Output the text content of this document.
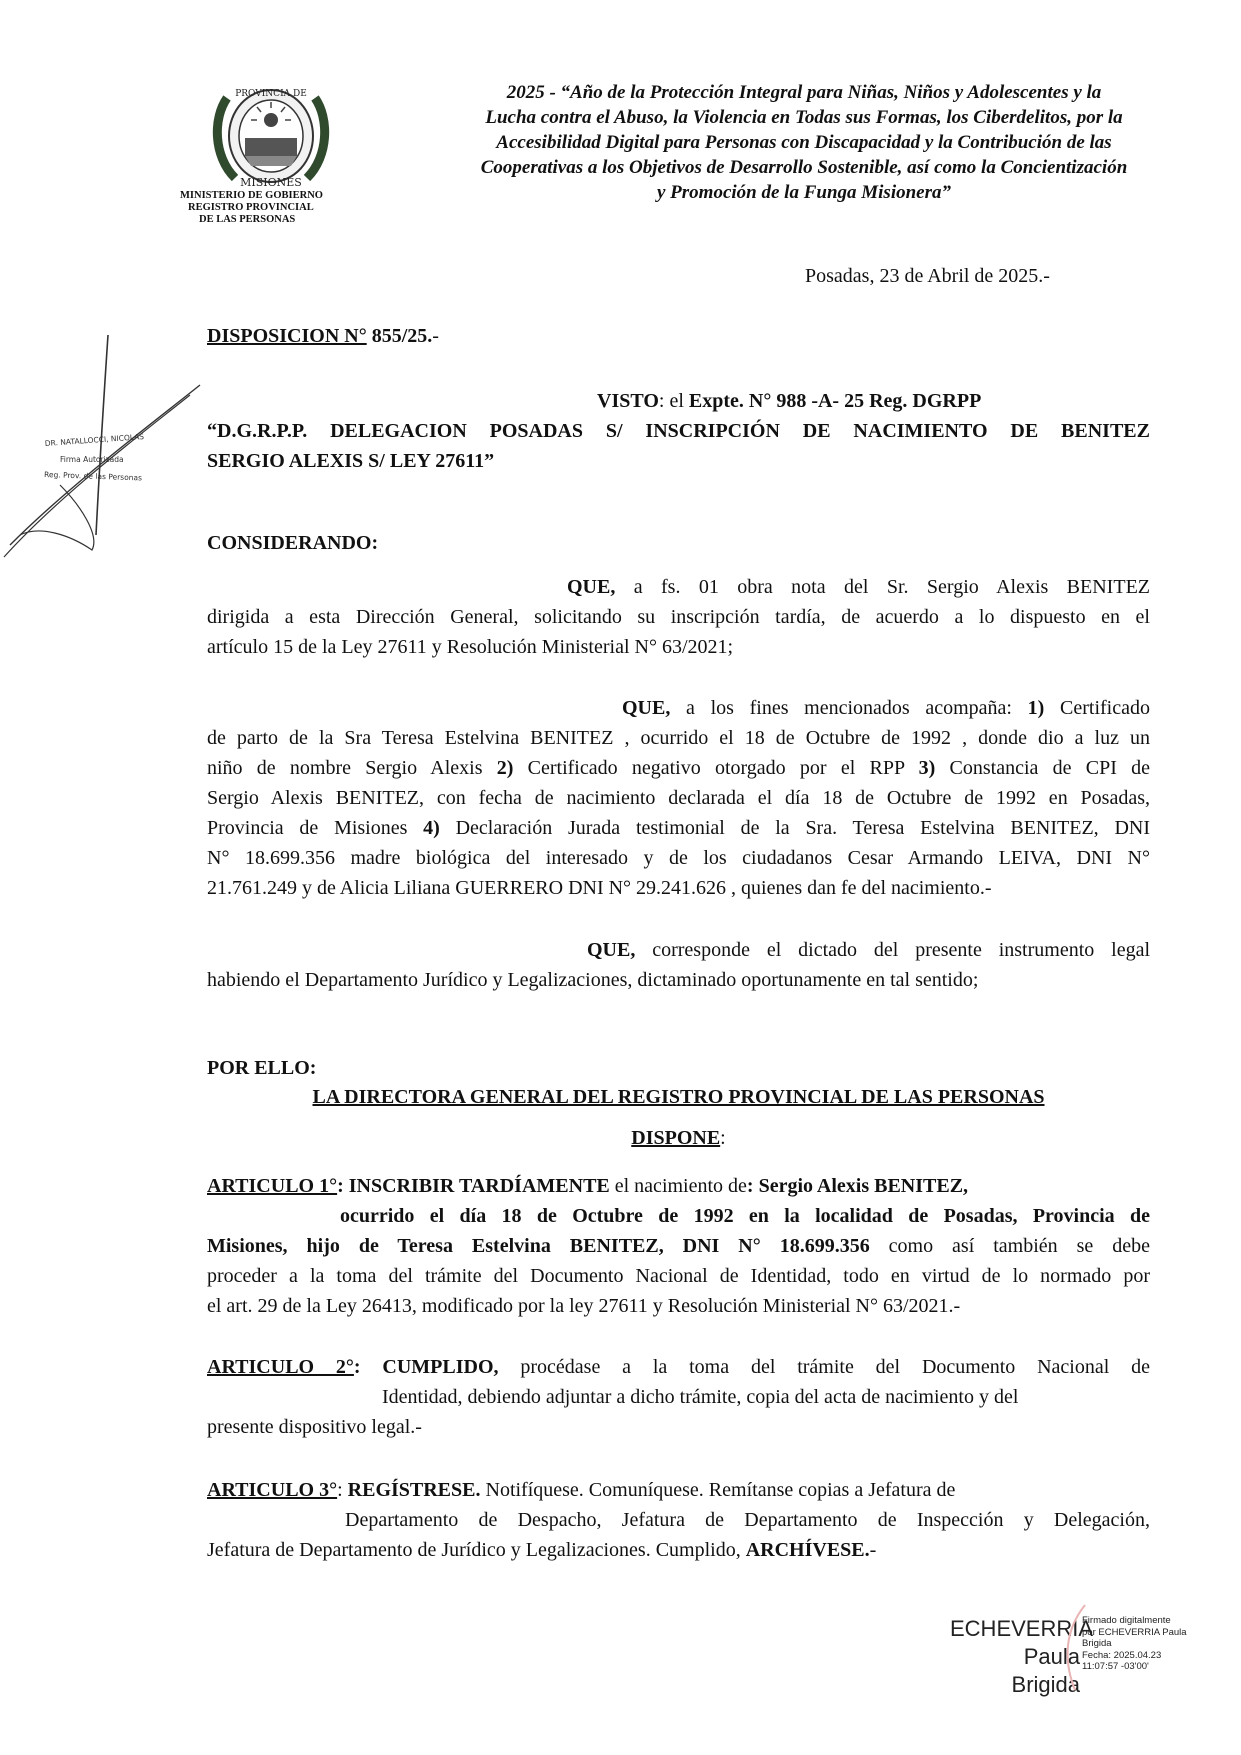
PROVINCIA DE
MISIONES
MINISTERIO DE GOBIERNO
REGISTRO PROVINCIAL
DE LAS PERSONAS
2025 - “Año de la Protección Integral para Niñas, Niños y Adolescentes y la
Lucha contra el Abuso, la Violencia en Todas sus Formas, los Ciberdelitos, por la
Accesibilidad Digital para Personas con Discapacidad y la Contribución de las
Cooperativas a los Objetivos de Desarrollo Sostenible, así como la Concientización
y Promoción de la Funga Misionera”
Posadas, 23 de Abril de 2025.-
DISPOSICION N° 855/25.-
VISTO: el Expte. N° 988 -A- 25 Reg. DGRPP
“D.G.R.P.P. DELEGACION POSADAS S/ INSCRIPCIÓN DE NACIMIENTO DE BENITEZ
SERGIO ALEXIS S/ LEY 27611”
CONSIDERANDO:
QUE, a fs. 01 obra nota del Sr. Sergio Alexis BENITEZ
dirigida a esta Dirección General, solicitando su inscripción tardía, de acuerdo a lo dispuesto en el
artículo 15 de la Ley 27611 y Resolución Ministerial N° 63/2021;
QUE, a los fines mencionados acompaña: 1) Certificado
de parto de la Sra Teresa Estelvina BENITEZ , ocurrido el 18 de Octubre de 1992 , donde dio a luz un
niño de nombre Sergio Alexis 2) Certificado negativo otorgado por el RPP 3) Constancia de CPI de
Sergio Alexis BENITEZ, con fecha de nacimiento declarada el día 18 de Octubre de 1992 en Posadas,
Provincia de Misiones 4) Declaración Jurada testimonial de la Sra. Teresa Estelvina BENITEZ, DNI
N° 18.699.356 madre biológica del interesado y de los ciudadanos Cesar Armando LEIVA, DNI N°
21.761.249 y de Alicia Liliana GUERRERO DNI N° 29.241.626 , quienes dan fe del nacimiento.-
QUE, corresponde el dictado del presente instrumento legal
habiendo el Departamento Jurídico y Legalizaciones, dictaminado oportunamente en tal sentido;
POR ELLO:
LA DIRECTORA GENERAL DEL REGISTRO PROVINCIAL DE LAS PERSONAS
DISPONE:
ARTICULO 1°: INSCRIBIR TARDÍAMENTE el nacimiento de: Sergio Alexis BENITEZ,
ocurrido el día 18 de Octubre de 1992 en la localidad de Posadas, Provincia de
Misiones, hijo de Teresa Estelvina BENITEZ, DNI N° 18.699.356 como así también se debe
proceder a la toma del trámite del Documento Nacional de Identidad, todo en virtud de lo normado por
el art. 29 de la Ley 26413, modificado por la ley 27611 y Resolución Ministerial N° 63/2021.-
ARTICULO 2°: CUMPLIDO, procédase a la toma del trámite del Documento Nacional de
Identidad, debiendo adjuntar a dicho trámite, copia del acta de nacimiento y del
presente dispositivo legal.-
ARTICULO 3°: REGÍSTRESE. Notifíquese. Comuníquese. Remítanse copias a Jefatura de
Departamento de Despacho, Jefatura de Departamento de Inspección y Delegación,
Jefatura de Departamento de Jurídico y Legalizaciones. Cumplido, ARCHÍVESE.-
DR. NATALLOCCI, NICOLAS
Firma Autorizada
Reg. Prov. de las Personas
ECHEVERRIA
Paula Brigida
Firmado digitalmente
por ECHEVERRIA Paula
Brigida
Fecha: 2025.04.23
11:07:57 -03'00'
